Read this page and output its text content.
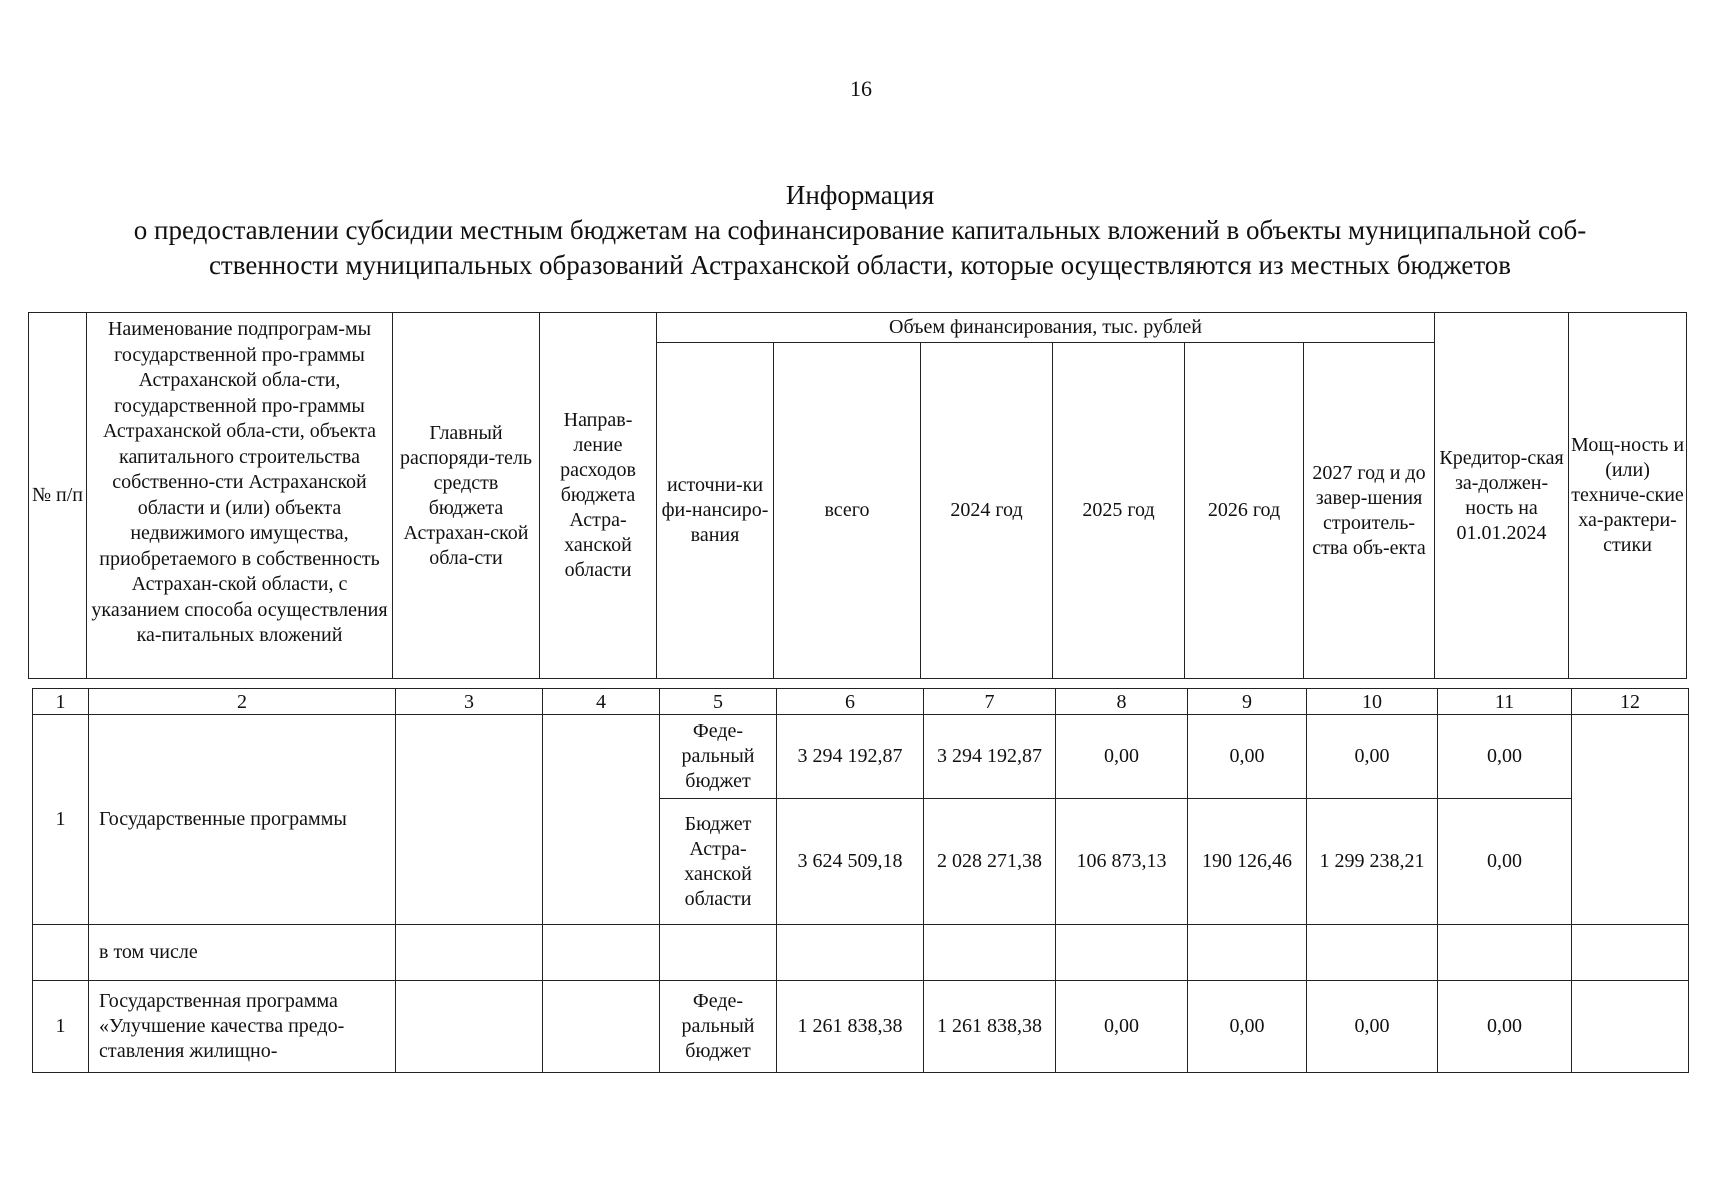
16
Информация
о предоставлении субсидии местным бюджетам на софинансирование капитальных вложений в объекты муниципальной соб-
ственности муниципальных образований Астраханской области, которые осуществляются из местных бюджетов
№ п/п	Наименование подпрограм-мы государственной про-граммы Астраханской обла-сти, государственной про-граммы Астраханской обла-сти, объекта капитального строительства собственно-сти Астраханской области и (или) объекта недвижимого имущества, приобретаемого в собственность Астрахан-ской области, с указанием способа осуществления ка-питальных вложений	Главный распоряди-тель средств бюджета Астрахан-ской обла-сти	Направ-ление расходов бюджета Астра-ханской области	Объем финансирования, тыс. рублей						Кредитор-ская за-должен-ность на 01.01.2024	Мощ-ность и (или) техниче-ские ха-рактери-стики
				источни-ки фи-нансиро-вания	всего	2024 год	2025 год	2026 год	2027 год и до завер-шения строитель-ства объ-екта		
1	2	3	4	5	6	7	8	9	10	11	12
1	Государственные программы			Феде-ральный бюджет	3 294 192,87	3 294 192,87	0,00	0,00	0,00	0,00	
				Бюджет Астра-ханской области	3 624 509,18	2 028 271,38	106 873,13	190 126,46	1 299 238,21	0,00	
	в том числе										
1	Государственная программа «Улучшение качества предо-ставления жилищно-			Феде-ральный бюджет	1 261 838,38	1 261 838,38	0,00	0,00	0,00	0,00	
